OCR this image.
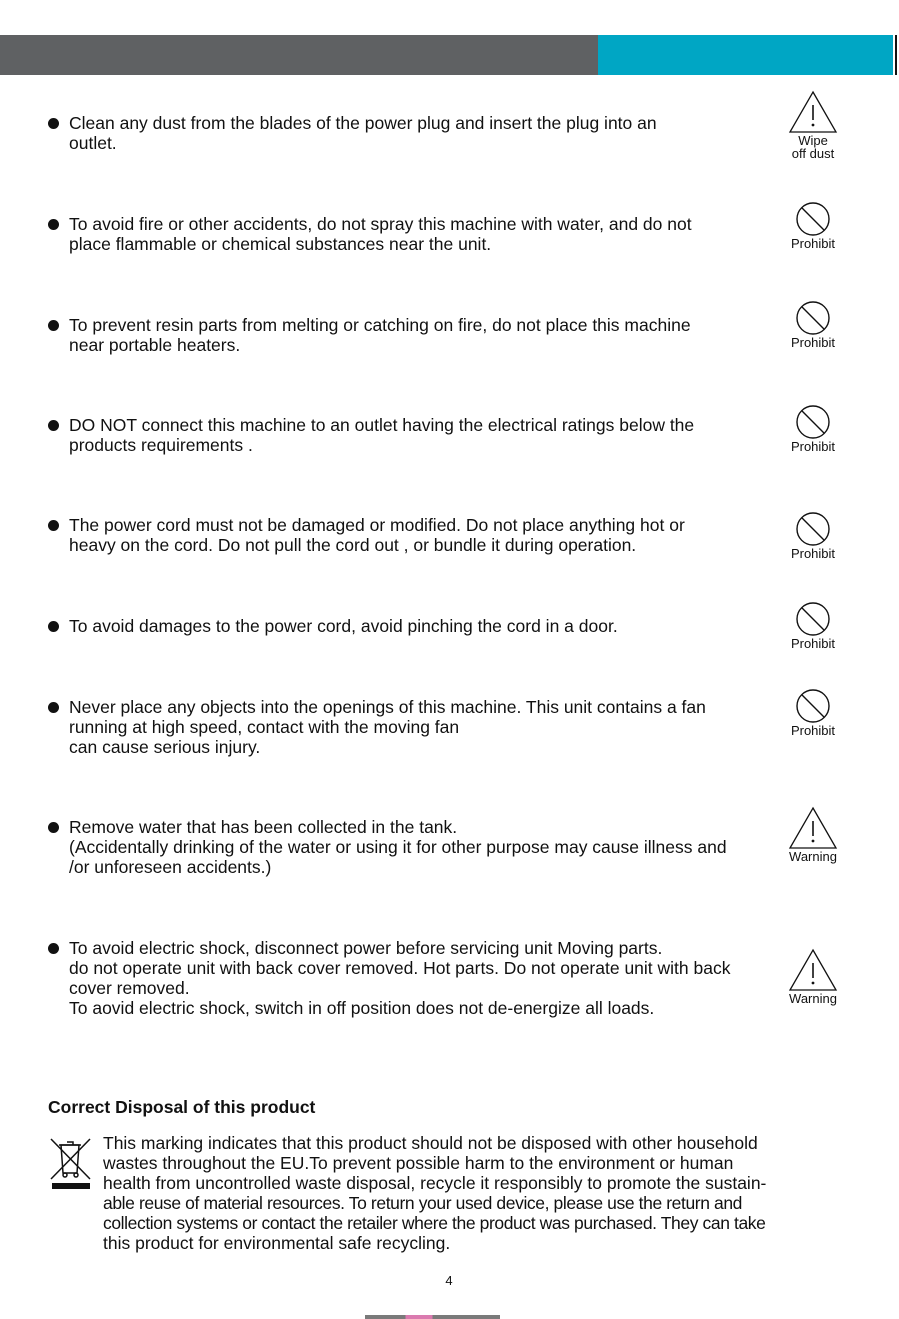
Clean any dust from the blades of the power plug and insert the plug into an
outlet.	Wipe
off dust
To avoid fire or other accidents, do not spray this machine with water, and do not
place flammable or chemical substances near the unit.	Prohibit
To prevent resin parts from melting or catching on fire, do not place this machine
near portable heaters.	Prohibit
DO NOT connect this machine to an outlet having the electrical ratings below the
products requirements .	Prohibit
The power cord must not be damaged or modified. Do not place anything hot or
heavy on the cord. Do not pull the cord out , or bundle it during operation.	Prohibit
To avoid damages to the power cord, avoid pinching the cord in a door.
Prohibit
Never place any objects into the openings of this machine. This unit contains a fan
running at high speed, contact with the moving fan
can cause serious injury.
Prohibit
Remove water that has been collected in the tank.
(Accidentally drinking of the water or using it for other purpose may cause illness and
/or unforeseen accidents.)
Warning
To avoid electric shock, disconnect power before servicing unit Moving parts.
do not operate unit with back cover removed. Hot parts. Do not operate unit with back
cover removed.
To aovid electric shock, switch in off position does not de-energize all loads.	Warning
Correct Disposal of this product
This marking indicates that this product should not be disposed with other household
wastes throughout the EU.To prevent possible harm to the environment or human
health from uncontrolled waste disposal, recycle it responsibly to promote the sustain-
able reuse of material resources. To return your used device, please use the return and
collection systems or contact the retailer where the product was purchased. They can take
this product for environmental safe recycling.
4
